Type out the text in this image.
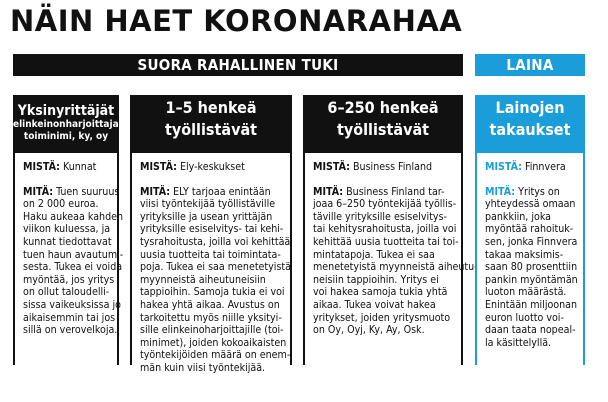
NÄIN HAET KORONARAHAA
SUORA RAHALLINEN TUKI	LAINA
Yksinyrittäjät
elinkeinonharjoittaja,
toiminimi, ky, oy
MISTÄ: Kunnat
MITÄ: Tuen suuruus
on 2 000 euroa.
Haku aukeaa kahden
viikon kuluessa, ja
kunnat tiedottavat
tuen haun avautumi-
sesta. Tukea ei voida
myöntää, jos yritys
on ollut taloudelli-
sissa vaikeuksissa jo
aikaisemmin tai jos
sillä on verovelkoja.
1–5 henkeä
työllistävät
MISTÄ: Ely-keskukset
MITÄ: ELY tarjoaa enintään
viisi työntekijää työllistäville
yrityksille ja usean yrittäjän
yrityksille esiselvitys- tai kehi-
tysrahoitusta, joilla voi kehittää
uusia tuotteita tai toimintata-
poja. Tukea ei saa menetetyistä
myynneistä aiheutuneisiin
tappioihin. Samoja tukia ei voi
hakea yhtä aikaa. Avustus on
tarkoitettu myös niille yksityi-
sille elinkeinoharjoittajille (toi-
minimet), joiden kokoaikaisten
työntekijöiden määrä on enem-
män kuin viisi työntekijää.
6–250 henkeä
työllistävät
MISTÄ: Business Finland
MITÄ: Business Finland tar-
joaa 6–250 työntekijää työllis-
täville yrityksille esiselvitys-
tai kehitysrahoitusta, joilla voi
kehittää uusia tuotteita tai toi-
mintatapoja. Tukea ei saa
menetetyistä myynneistä aiheutu-
neisiin tappioihin. Yritys ei
voi hakea samoja tukia yhtä
aikaa. Tukea voivat hakea
yritykset, joiden yritysmuoto
on Oy, Oyj, Ky, Ay, Osk.
Lainojen
takaukset
MISTÄ: Finnvera
MITÄ: Yritys on
yhteydessä omaan
pankkiin, joka
myöntää rahoituk-
sen, jonka Finnvera
takaa maksimis-
saan 80 prosenttiin
pankin myöntämän
luoton määrästä.
Enintään miljoonan
euron luotto voi-
daan taata nopeal-
la käsittelyllä.
